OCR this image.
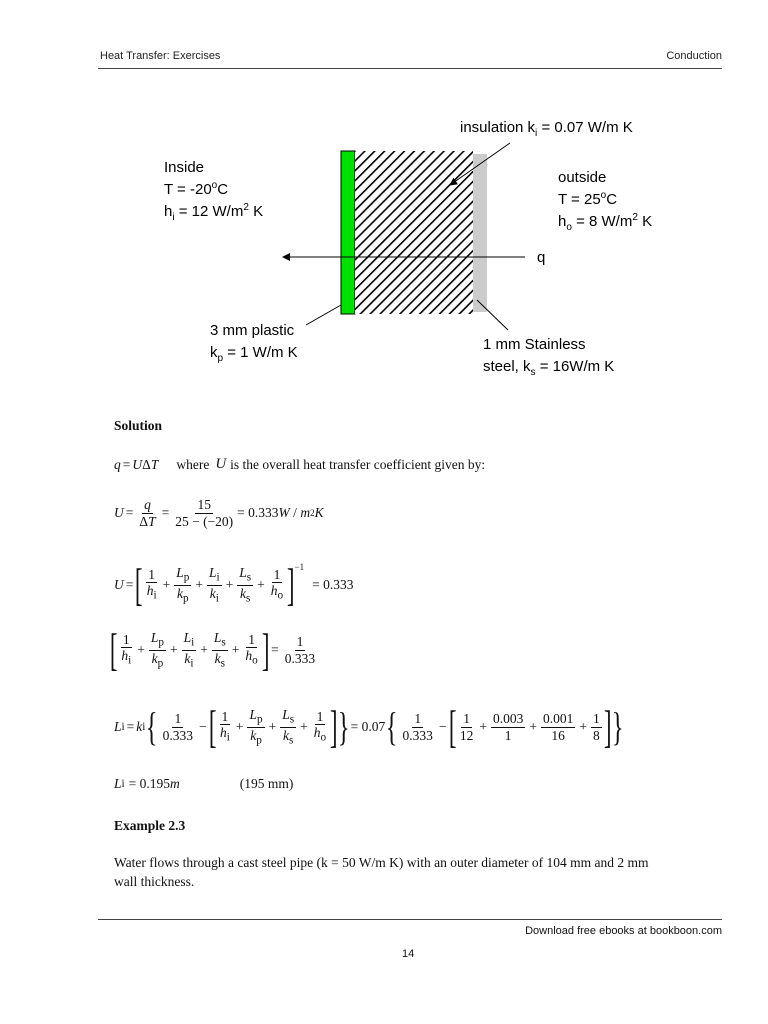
Heat Transfer: Exercises	Conduction
insulation $k_i = 0.07$ W/m K
Inside
$T = -20^oC$
$h_i = 12$ $W/m^2$ K
outside
$T = 25^oC$
$h_o = 8$ $W/m^2$ K
q
3 mm plastic
$k_p = 1$ W/m K	1 mm Stainless
steel, $k_s = 16W/m$ K
Solution
q = U Δ T where U is the overall heat transfer coefficient given by:
$U = \frac{q}{\Delta T} = \frac{15}{25 - (-20)} = 0.333$ W / m 2 K
U = [ $\frac{1}{h_i} + \frac{L_p}{k_p} + \frac{L_i}{k_i} + \frac{L_s}{k_s} + \frac{1}{h_o} ]^{-1}$
= 0.333
[ $\frac{1}{h_i} + \frac{L_p}{k_p} + \frac{L_i}{k_i} + \frac{L_s}{k_s} + \frac{1}{h_o}$ ] = $\frac{1}{0.333}$
L i = k i { $\frac{1}{0.333}$ − [ $\frac{1}{h_i} + \frac{L_p}{k_p} + \frac{L_s}{k_s} + \frac{1}{h_o}$ ] } = 0.07 { $\frac{1}{0.333}$ − [ $\frac{1}{12} + \frac{0.003}{1} + \frac{0.001}{16} + \frac{1}{8}$ ] }
L i = 0.195 m	(195 mm)
Example 2.3
Water flows through a cast steel pipe (k = 50 W/m K) with an outer diameter of 104 mm and 2 mm
wall thickness.
Download free ebooks at bookboon.com
14
